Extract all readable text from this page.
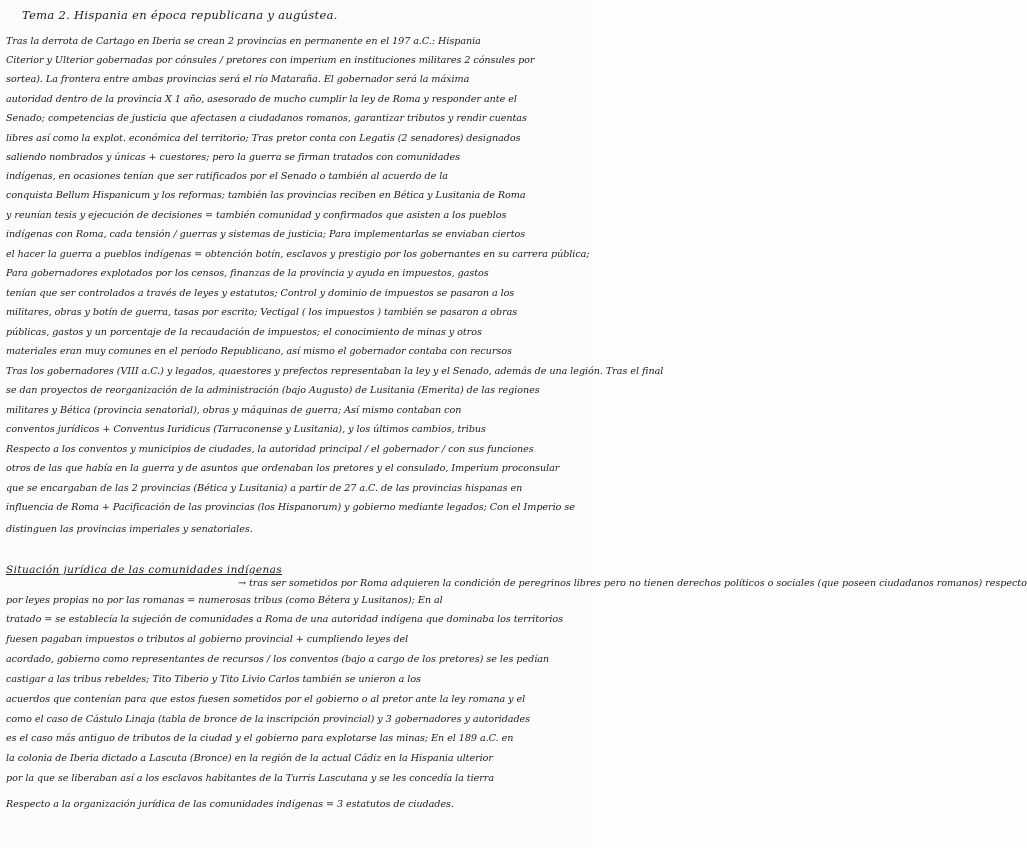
Tema 2. Hispania en época republicana y augústea.
Tras la derrota de Cartago en Iberia se crean 2 provincias en permanente en el 197 a.C.: Hispania
Citerior y Ulterior gobernadas por cónsules / pretores con imperium en instituciones militares 2 cónsules por
sortea). La frontera entre ambas provincias será el río Mataraña. El gobernador será la máxima
autoridad dentro de la provincia X 1 año, asesorado de mucho cumplir la ley de Roma y responder ante el
Senado; competencias de justicia que afectasen a ciudadanos romanos, garantizar tributos y rendir cuentas
libres así como la explot. económica del territorio; Tras pretor conta con Legatis (2 senadores) designados
saliendo nombrados y únicas + cuestores; pero la guerra se firman tratados con comunidades
indígenas, en ocasiones tenían que ser ratificados por el Senado o también al acuerdo de la
conquista Bellum Hispanicum y los reformas; también las provincias reciben en Bética y Lusitania de Roma
y reunían tesis y ejecución de decisiones = también comunidad y confirmados que asisten a los pueblos
indígenas con Roma, cada tensión / guerras y sistemas de justicia; Para implementarlas se enviaban ciertos
el hacer la guerra a pueblos indígenas = obtención botín, esclavos y prestigio por los gobernantes en su carrera pública;
Para gobernadores explotados por los censos, finanzas de la provincia y ayuda en impuestos, gastos
tenían que ser controlados a través de leyes y estatutos; Control y dominio de impuestos se pasaron a los
militares, obras y botín de guerra, tasas por escrito; Vectigal ( los impuestos ) también se pasaron a obras
públicas, gastos y un porcentaje de la recaudación de impuestos; el conocimiento de minas y otros
materiales eran muy comunes en el período Republicano, así mismo el gobernador contaba con recursos
Tras los gobernadores (VIII a.C.) y legados, quaestores y prefectos representaban la ley y el Senado, además de una legión. Tras el final
se dan proyectos de reorganización de la administración (bajo Augusto) de Lusitania (Emerita) de las regiones
militares y Bética (provincia senatorial), obras y máquinas de guerra; Así mismo contaban con
conventos jurídicos + Conventus Iuridicus (Tarraconense y Lusitania), y los últimos cambios, tribus
Respecto a los conventos y municipios de ciudades, la autoridad principal / el gobernador / con sus funciones
otros de las que había en la guerra y de asuntos que ordenaban los pretores y el consulado, Imperium proconsular
que se encargaban de las 2 provincias (Bética y Lusitania) a partir de 27 a.C. de las provincias hispanas en
influencia de Roma + Pacificación de las provincias (los Hispanorum) y gobierno mediante legados; Con el Imperio se
distinguen las provincias imperiales y senatoriales.
Situación jurídica de las comunidades indígenas
→ tras ser sometidos por Roma adquieren la condición de peregrinos libres pero no tienen derechos políticos o sociales (que poseen ciudadanos romanos) respecto
por leyes propias no por las romanas = numerosas tribus (como Bétera y Lusitanos); En al
tratado = se establecía la sujeción de comunidades a Roma de una autoridad indígena que dominaba los territorios
fuesen pagaban impuestos o tributos al gobierno provincial + cumpliendo leyes del
acordado, gobierno como representantes de recursos / los conventos (bajo a cargo de los pretores) se les pedían
castigar a las tribus rebeldes; Tito Tiberio y Tito Livio Carlos también se unieron a los
acuerdos que contenían para que estos fuesen sometidos por el gobierno o al pretor ante la ley romana y el
como el caso de Cástulo Linaja (tabla de bronce de la inscripción provincial) y 3 gobernadores y autoridades
es el caso más antiguo de tributos de la ciudad y el gobierno para explotarse las minas; En el 189 a.C. en
la colonia de Iberia dictado a Lascuta (Bronce) en la región de la actual Cádiz en la Hispania ulterior
por la que se liberaban así a los esclavos habitantes de la Turris Lascutana y se les concedía la tierra
Respecto a la organización jurídica de las comunidades indígenas = 3 estatutos de ciudades.
